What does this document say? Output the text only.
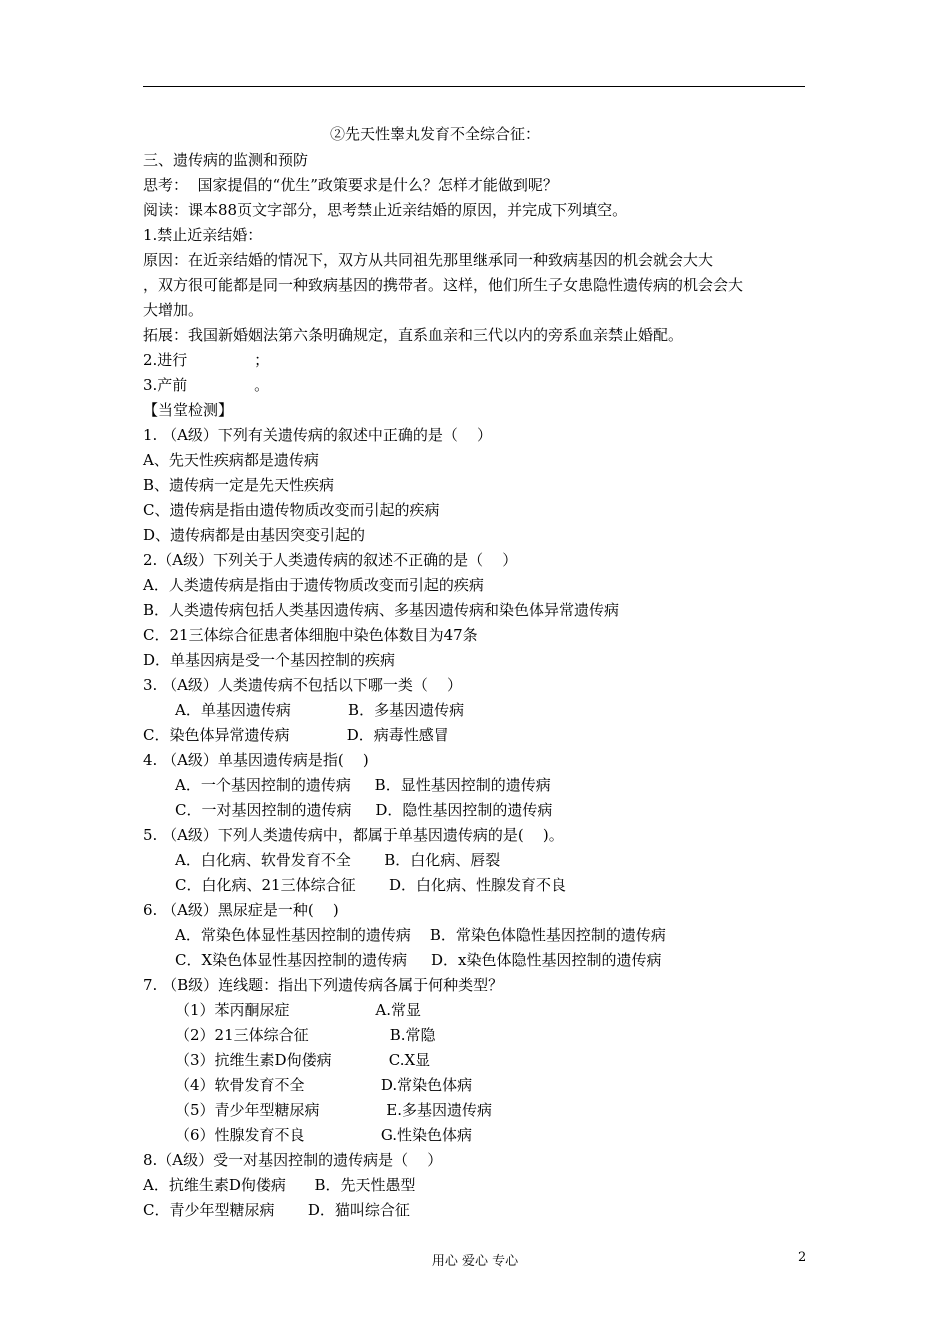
②先天性睾丸发育不全综合征：
三、遗传病的监测和预防
思考：  国家提倡的“优生”政策要求是什么？怎样才能做到呢？
阅读：课本88页文字部分，思考禁止近亲结婚的原因，并完成下列填空。
1.禁止近亲结婚：
原因：在近亲结婚的情况下，双方从共同祖先那里继承同一种致病基因的机会就会大大
，双方很可能都是同一种致病基因的携带者。这样，他们所生子女患隐性遗传病的机会会大
大增加。
拓展：我国新婚姻法第六条明确规定，直系血亲和三代以内的旁系血亲禁止婚配。
2.进行              ；
3.产前              。
【当堂检测】
1. （A级）下列有关遗传病的叙述中正确的是（    ）
A、先天性疾病都是遗传病
B、遗传病一定是先天性疾病
C、遗传病是指由遗传物质改变而引起的疾病
D、遗传病都是由基因突变引起的
2.（A级）下列关于人类遗传病的叙述不正确的是（    ）
A．人类遗传病是指由于遗传物质改变而引起的疾病
B．人类遗传病包括人类基因遗传病、多基因遗传病和染色体异常遗传病
C．21三体综合征患者体细胞中染色体数目为47条
D．单基因病是受一个基因控制的疾病
3. （A级）人类遗传病不包括以下哪一类（    ）
A．单基因遗传病            B．多基因遗传病
C．染色体异常遗传病            D．病毒性感冒
4. （A级）单基因遗传病是指(    )
A．一个基因控制的遗传病     B．显性基因控制的遗传病
C．一对基因控制的遗传病     D．隐性基因控制的遗传病
5. （A级）下列人类遗传病中，都属于单基因遗传病的是(    )。
A．白化病、软骨发育不全       B．白化病、唇裂
C．白化病、21三体综合征       D．白化病、性腺发育不良
6. （A级）黑尿症是一种(    )
A．常染色体显性基因控制的遗传病    B．常染色体隐性基因控制的遗传病
C．X染色体显性基因控制的遗传病     D．x染色体隐性基因控制的遗传病
7. （B级）连线题：指出下列遗传病各属于何种类型？
（1）苯丙酮尿症                  A.常显
（2）21三体综合征                 B.常隐
（3）抗维生素D佝偻病            C.X显
（4）软骨发育不全                D.常染色体病
（5）青少年型糖尿病              E.多基因遗传病
（6）性腺发育不良                G.性染色体病
8.（A级）受一对基因控制的遗传病是（    ）
A．抗维生素D佝偻病      B．先天性愚型
C．青少年型糖尿病       D．猫叫综合征
用心 爱心 专心	2
